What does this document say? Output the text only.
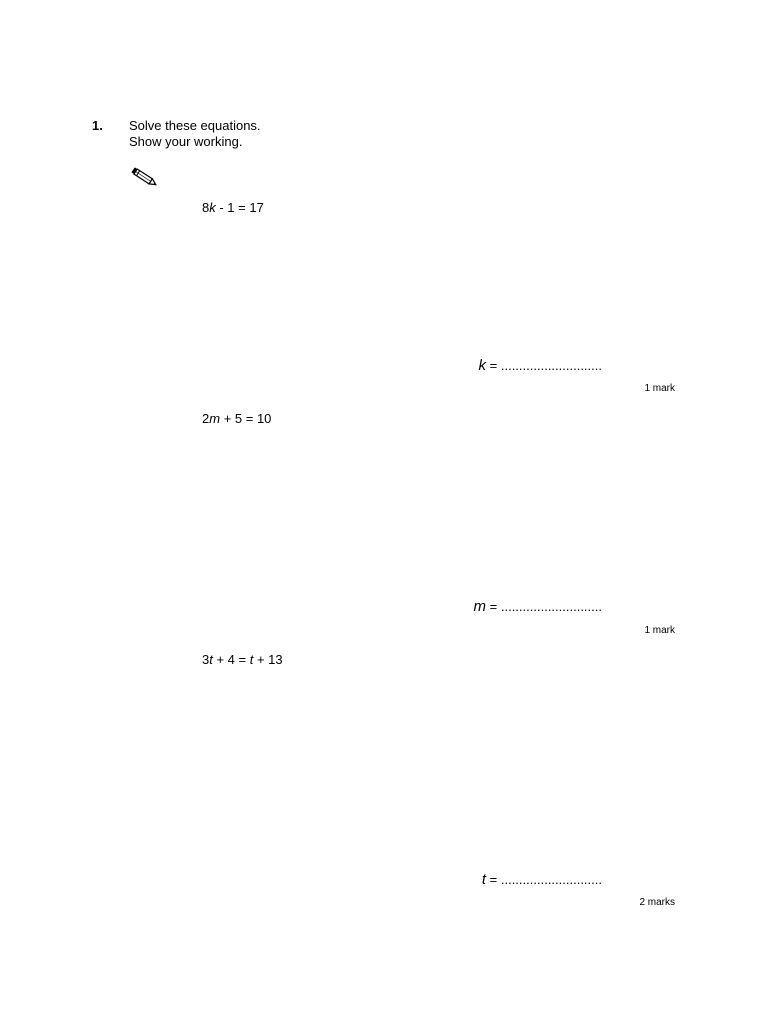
1. Solve these equations.
Show your working.
8k - 1 = 17
k = ............................
1 mark
2m + 5 = 10
m = ............................
1 mark
3t + 4 = t + 13
t = ............................
2 marks
